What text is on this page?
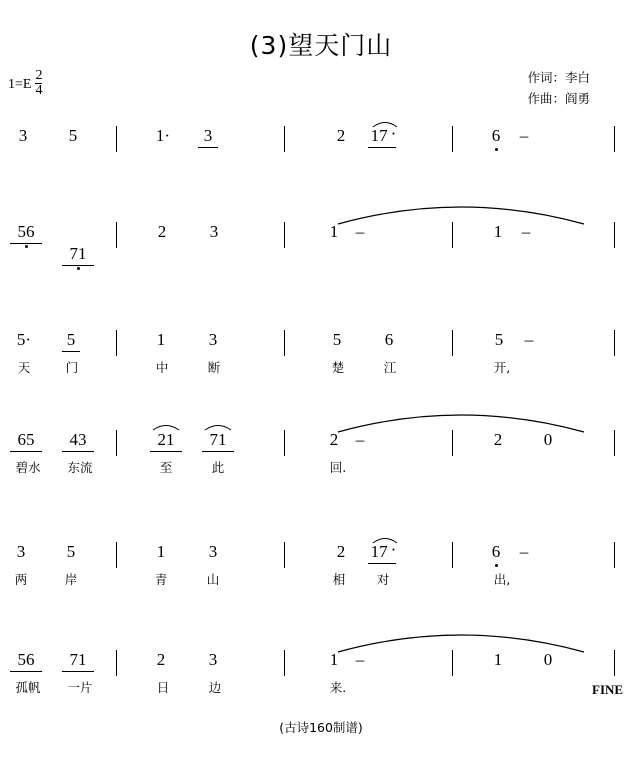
(3)望天门山
$1=E \frac{2}{4}$	作词：李白
作曲：阎勇
3	5	1·	3	2	17 ·	6 –
56
71
2	3	1 –	1 –
5·	5	1	3	5	6	5 –
天	门	中	断	楚	江	开,
65	43	21	71	2 –	2 0
碧水	东流	至	此	回.
3	5	1	3	2	17 ·	6 –
两	岸	青	山	相	对	出,
56	71	2	3	1 –	1 0
孤帆	一片	日	边	来.	FINE
(古诗160制谱)
